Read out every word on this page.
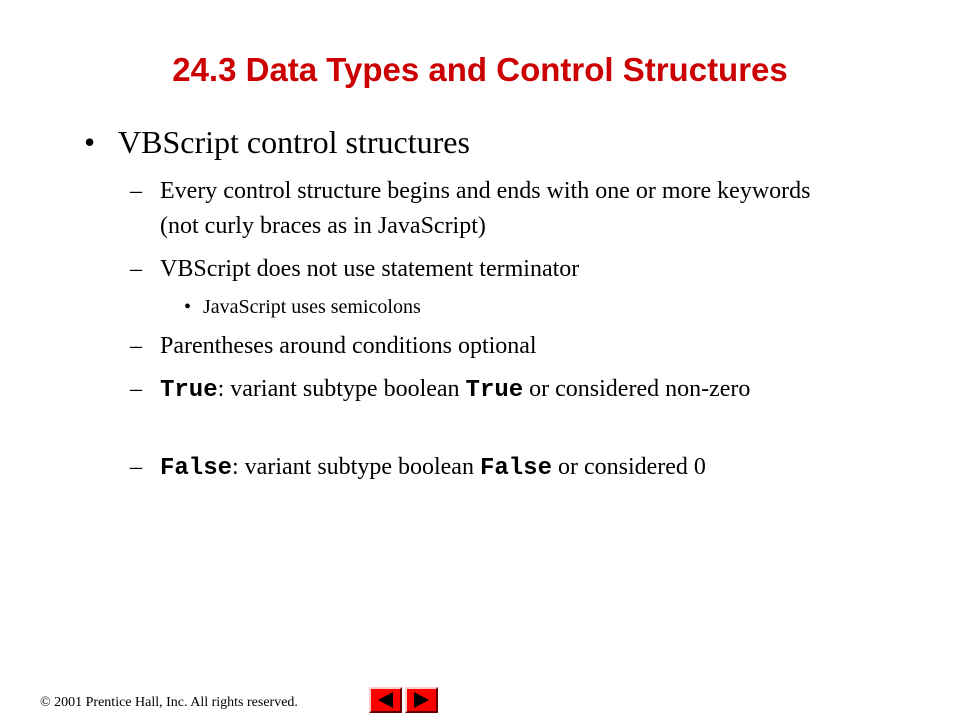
24.3 Data Types and Control Structures
• VBScript control structures
– Every control structure begins and ends with one or more keywords (not curly braces as in JavaScript)
– VBScript does not use statement terminator
• JavaScript uses semicolons
– Parentheses around conditions optional
– True: variant subtype boolean True or considered non-zero
– False: variant subtype boolean False or considered 0
© 2001 Prentice Hall, Inc. All rights reserved.
